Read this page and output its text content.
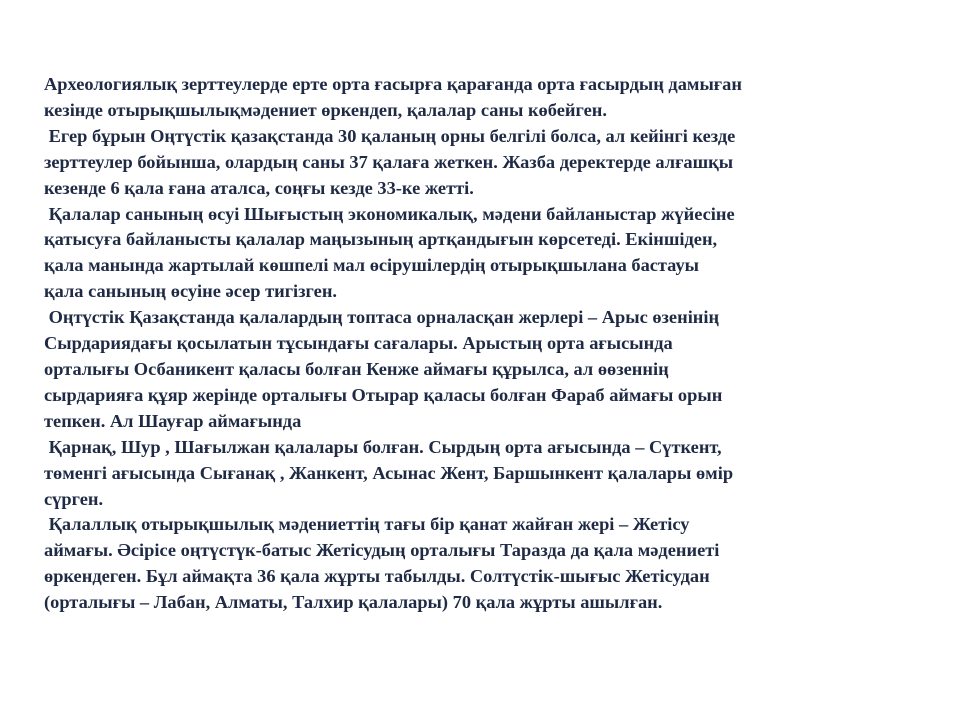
Археологиялық зерттеулерде ерте орта ғасырға қарағанда орта ғасырдың дамыған
кезінде отырықшылықмәдениет өркендеп, қалалар саны көбейген.

Егер бұрын Оңтүстік қазақстанда 30 қаланың орны белгілі болса, ал кейінгі кезде
зерттеулер бойынша, олардың саны 37 қалаға жеткен. Жазба деректерде алғашқы
кезенде 6 қала ғана аталса, соңғы кезде 33-ке жетті.

Қалалар санының өсуі Шығыстың экономикалық, мәдени байланыстар жүйесіне
қатысуға байланысты қалалар маңызының артқандығын көрсетеді. Екіншіден,
қала манында жартылай көшпелі мал өсірушілердің отырықшылана бастауы
қала санының өсуіне әсер тигізген.

Оңтүстік Қазақстанда қалалардың топтаса орналасқан жерлері – Арыс өзенінің
Сырдариядағы қосылатын тұсындағы сағалары. Арыстың орта ағысында
орталығы Осбаникент қаласы болған Кенже аймағы құрылса, ал өөзеннің
сырдарияға құяр жерінде орталығы Отырар қаласы болған Фараб аймағы орын
тепкен. Ал Шауғар аймағында

Қарнақ, Шур , Шағылжан қалалары болған. Сырдың орта ағысында – Сүткент,
төменгі ағысында Сығанақ , Жанкент, Асынас Жент, Баршынкент қалалары өмір
сүрген.

Қалаллық отырықшылық мәдениеттің тағы бір қанат жайған жері – Жетісу
аймағы. Әсірісе оңтүстүк-батыс Жетісудың орталығы Таразда да қала мәдениеті
өркендеген. Бұл аймақта 36 қала жұрты табылды. Солтүстік-шығыс Жетісудан
(орталығы – Лабан, Алматы, Талхир қалалары) 70 қала жұрты ашылған.
